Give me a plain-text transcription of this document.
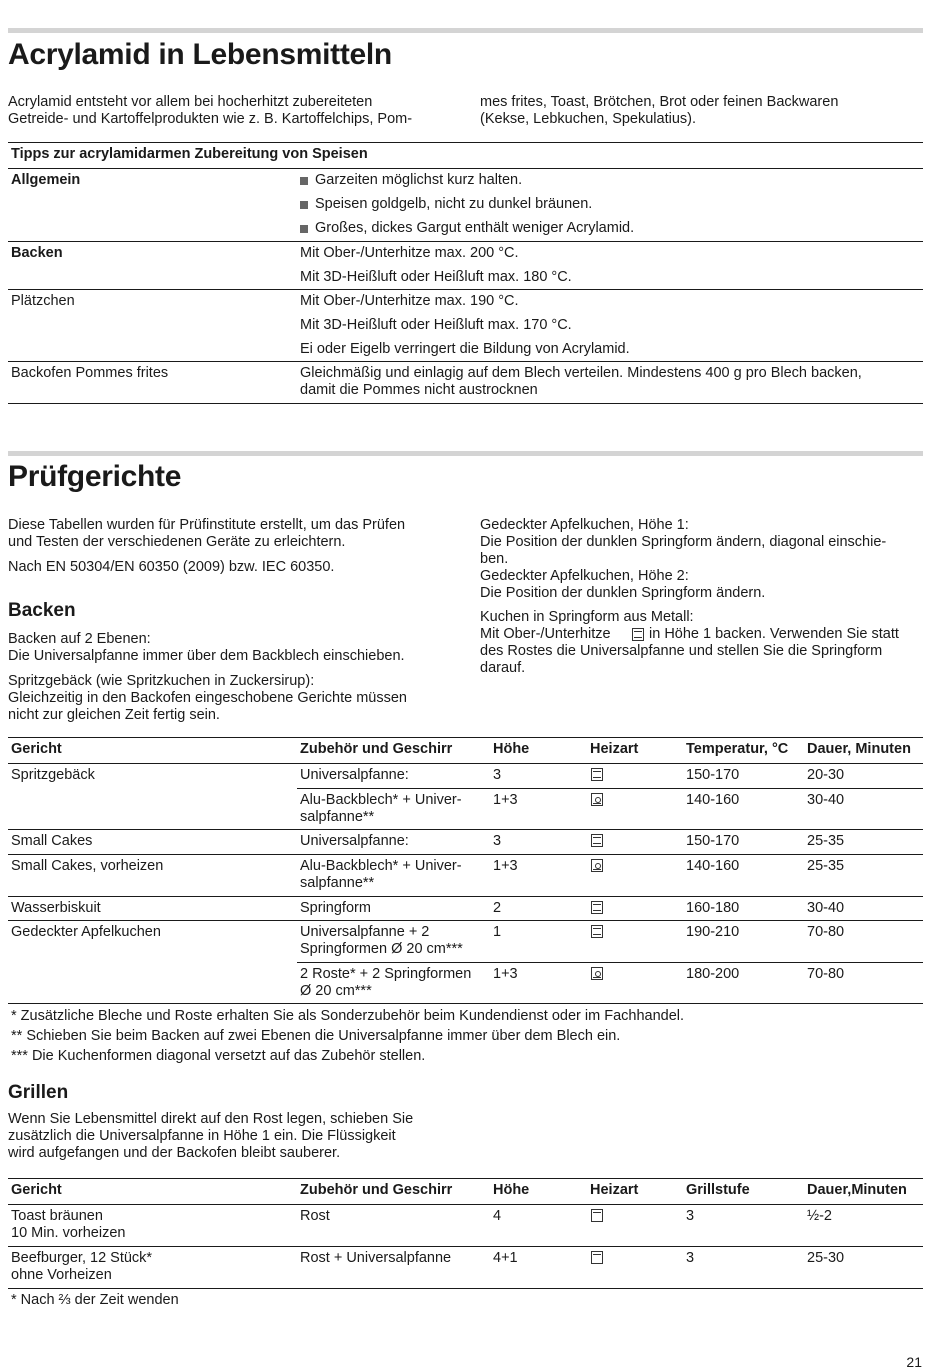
Acrylamid in Lebensmitteln

Acrylamid entsteht vor allem bei hocherhitzt zubereiteten
Getreide- und Kartoffelprodukten wie z. B. Kartoffelchips, Pom-

mes frites, Toast, Brötchen, Brot oder feinen Backwaren
(Kekse, Lebkuchen, Spekulatius).

Tipps zur acrylamidarmen Zubereitung von Speisen
Allgemein	Garzeiten möglichst kurz halten.
Speisen goldgelb, nicht zu dunkel bräunen.
Großes, dickes Gargut enthält weniger Acrylamid.
Backen	Mit Ober-/Unterhitze max. 200 °C.
Mit 3D-Heißluft oder Heißluft max. 180 °C.
Plätzchen	Mit Ober-/Unterhitze max. 190 °C.
Mit 3D-Heißluft oder Heißluft max. 170 °C.
Ei oder Eigelb verringert die Bildung von Acrylamid.
Backofen Pommes frites	Gleichmäßig und einlagig auf dem Blech verteilen. Mindestens 400 g pro Blech backen,
damit die Pommes nicht austrocknen
Prüfgerichte

Diese Tabellen wurden für Prüfinstitute erstellt, um das Prüfen
und Testen der verschiedenen Geräte zu erleichtern.

Nach EN 50304/EN 60350 (2009) bzw. IEC 60350.

Gedeckter Apfelkuchen, Höhe 1:
Die Position der dunklen Springform ändern, diagonal einschie-
ben.
Gedeckter Apfelkuchen, Höhe 2:
Die Position der dunklen Springform ändern.

Kuchen in Springform aus Metall:
Mit Ober-/Unterhitze	in Höhe 1 backen. Verwenden Sie statt

des Rostes die Universalpfanne und stellen Sie die Springform
darauf.

Backen

Backen auf 2 Ebenen:
Die Universalpfanne immer über dem Backblech einschieben.

Spritzgebäck (wie Spritzkuchen in Zuckersirup):
Gleichzeitig in den Backofen eingeschobene Gerichte müssen
nicht zur gleichen Zeit fertig sein.

Gericht	Zubehör und Geschirr	Höhe	Heizart	Temperatur, °C Dauer, Minuten
Spritzgebäck	Universalpfanne:	3	150-170	20-30
Alu-Backblech* + Univer-
salpfanne**
1+3	140-160	30-40
Small Cakes	Universalpfanne:	3	150-170	25-35
Small Cakes, vorheizen	Alu-Backblech* + Univer-
salpfanne**
1+3	140-160	25-35
Wasserbiskuit	Springform	2	160-180	30-40
Gedeckter Apfelkuchen	Universalpfanne + 2
Springformen Ø 20 cm***
1	190-210	70-80
2 Roste* + 2 Springformen
Ø 20 cm***
1+3	180-200	70-80
* Zusätzliche Bleche und Roste erhalten Sie als Sonderzubehör beim Kundendienst oder im Fachhandel.
** Schieben Sie beim Backen auf zwei Ebenen die Universalpfanne immer über dem Blech ein.
*** Die Kuchenformen diagonal versetzt auf das Zubehör stellen.
Grillen

Wenn Sie Lebensmittel direkt auf den Rost legen, schieben Sie
zusätzlich die Universalpfanne in Höhe 1 ein. Die Flüssigkeit
wird aufgefangen und der Backofen bleibt sauberer.

Gericht	Zubehör und Geschirr	Höhe	Heizart	Grillstufe	Dauer,Minuten
Toast bräunen
10 Min. vorheizen
Rost	4	3	½-2
Beefburger, 12 Stück*
ohne Vorheizen
Rost + Universalpfanne	4+1	3	25-30
* Nach ⅔ der Zeit wenden
21
